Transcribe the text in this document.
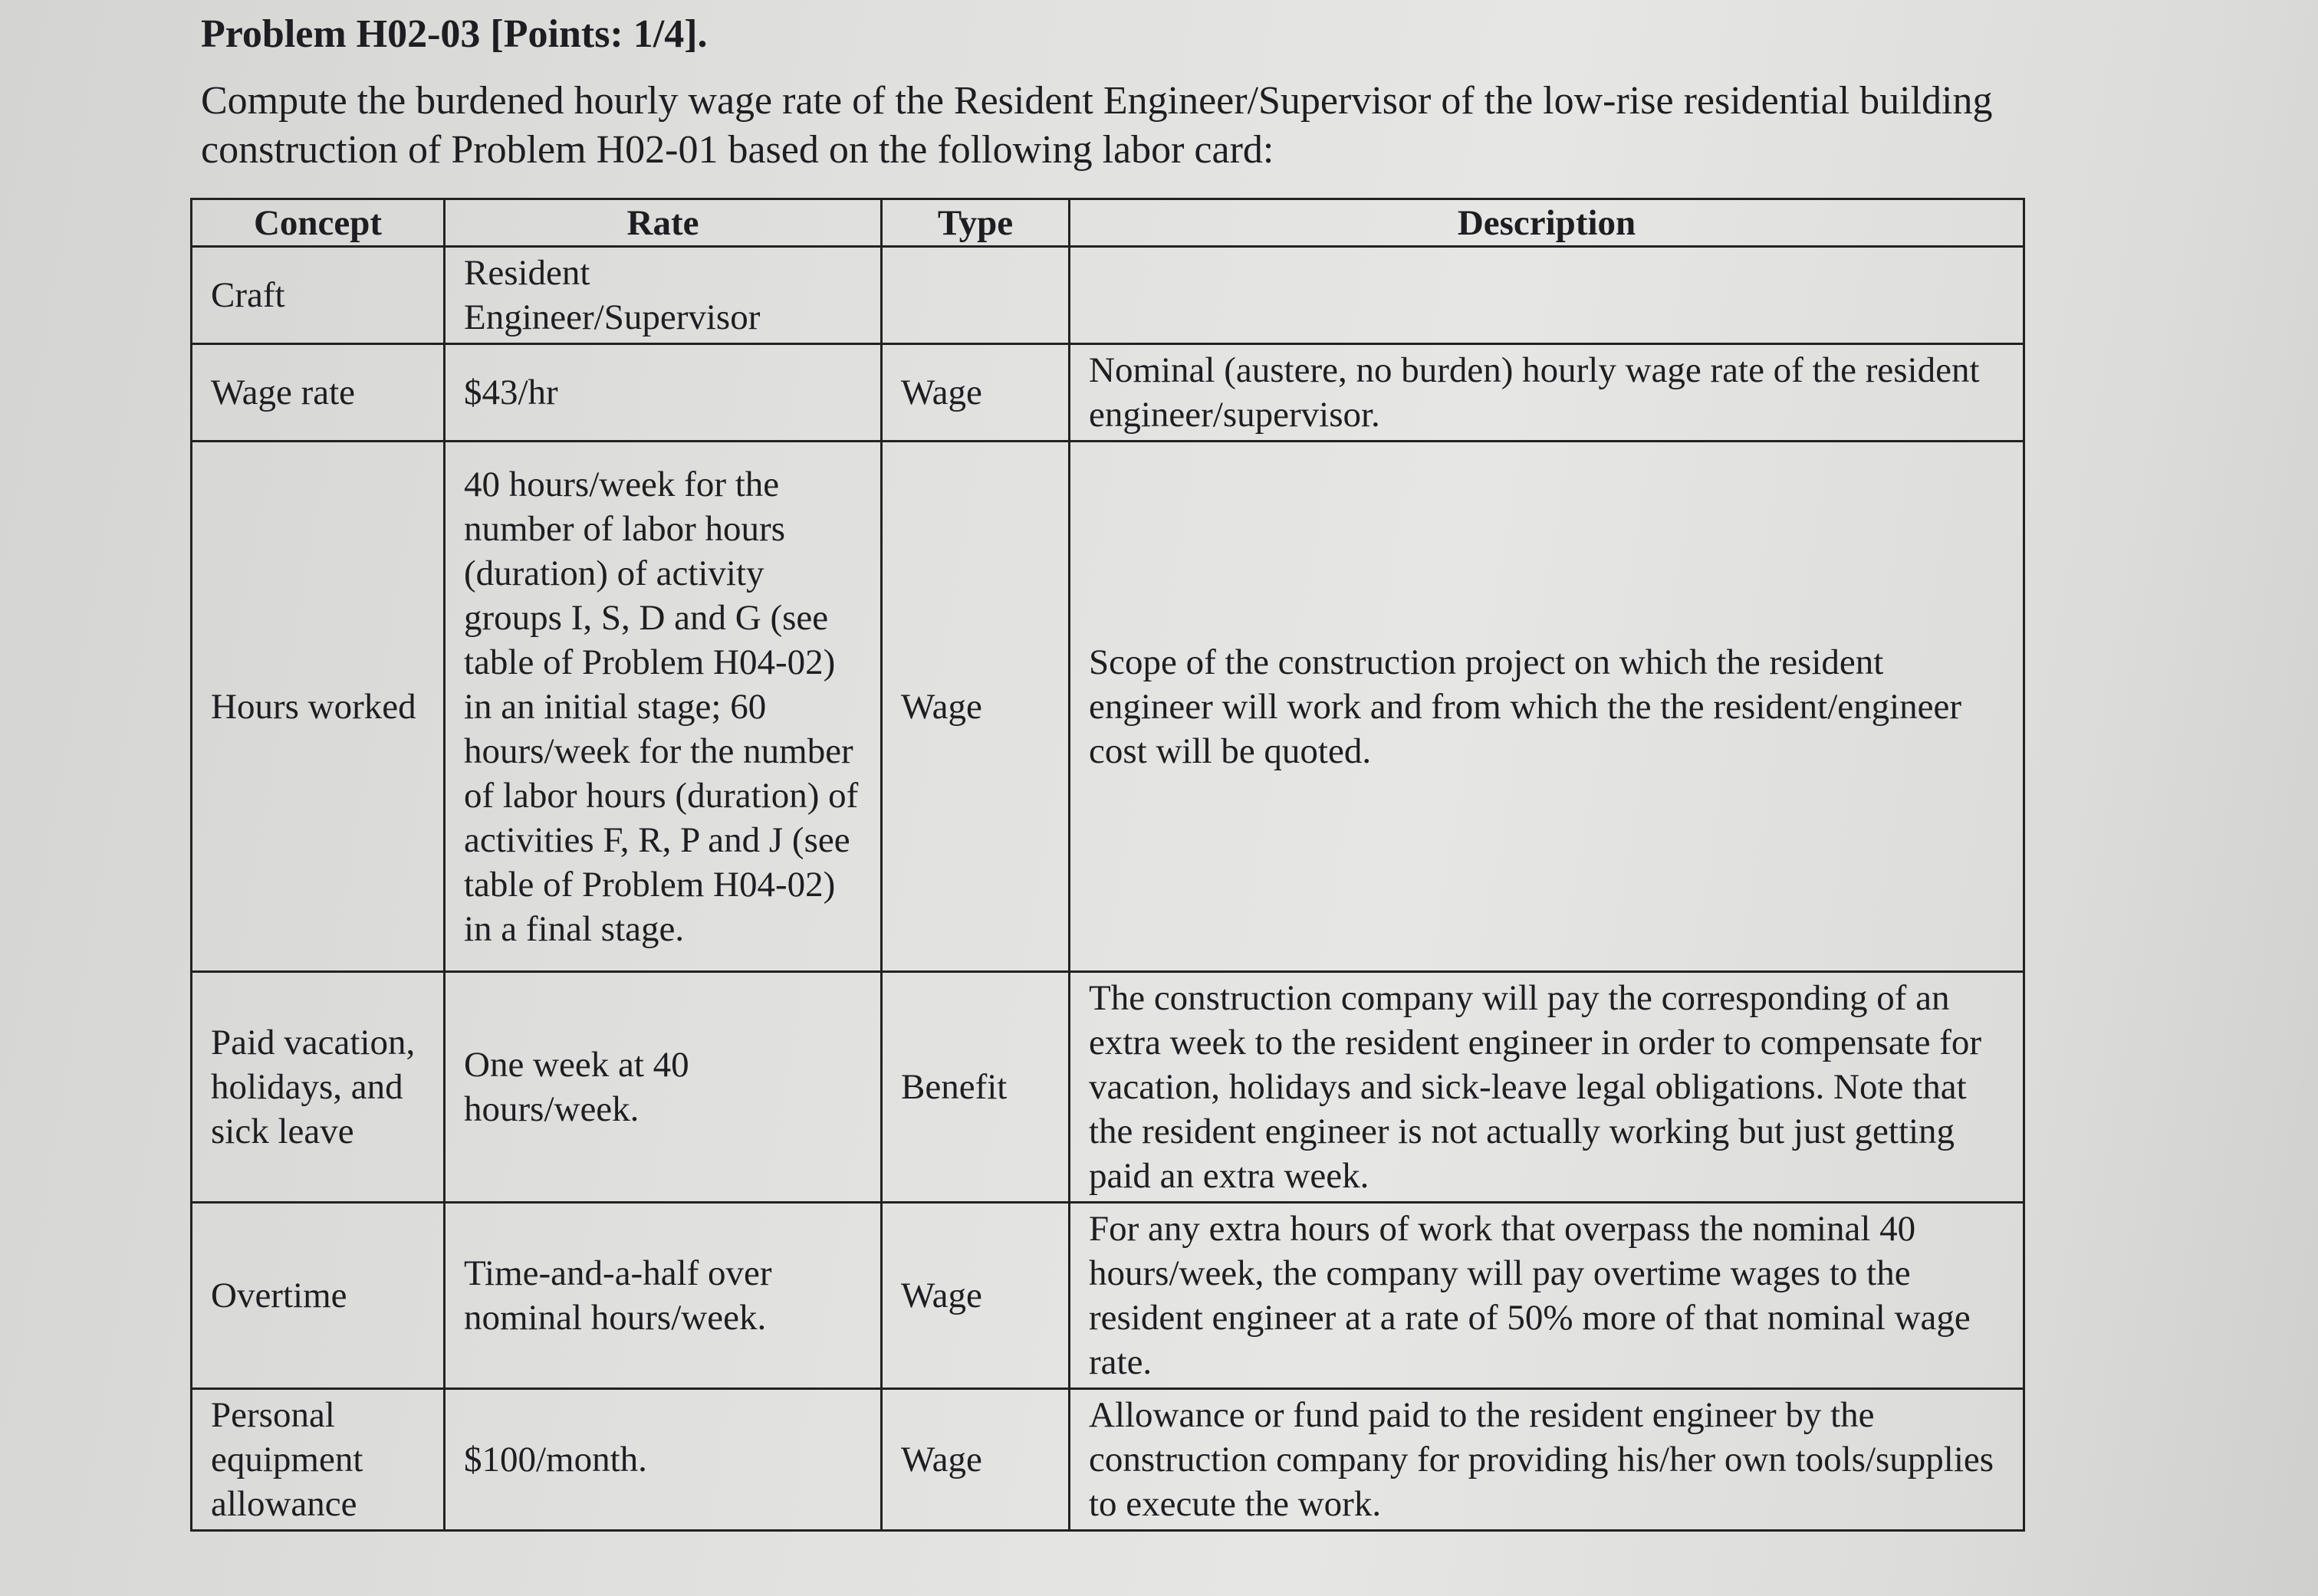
Problem H02-03 [Points: 1/4].
Compute the burdened hourly wage rate of the Resident Engineer/Supervisor of the low-rise residential building construction of Problem H02-01 based on the following labor card:
Concept	Rate	Type	Description
Craft	Resident Engineer/Supervisor		
Wage rate	$43/hr	Wage	Nominal (austere, no burden) hourly wage rate of the resident engineer/supervisor.
Hours worked	40 hours/week for the number of labor hours (duration) of activity groups I, S, D and G (see table of Problem H04-02) in an initial stage; 60 hours/week for the number of labor hours (duration) of activities F, R, P and J (see table of Problem H04-02) in a final stage.	Wage	Scope of the construction project on which the resident engineer will work and from which the the resident/engineer cost will be quoted.
Paid vacation, holidays, and sick leave	One week at 40 hours/week.	Benefit	The construction company will pay the corresponding of an extra week to the resident engineer in order to compensate for vacation, holidays and sick-leave legal obligations. Note that the resident engineer is not actually working but just getting paid an extra week.
Overtime	Time-and-a-half over nominal hours/week.	Wage	For any extra hours of work that overpass the nominal 40 hours/week, the company will pay overtime wages to the resident engineer at a rate of 50% more of that nominal wage rate.
Personal equipment allowance	$100/month.	Wage	Allowance or fund paid to the resident engineer by the construction company for providing his/her own tools/supplies to execute the work.
